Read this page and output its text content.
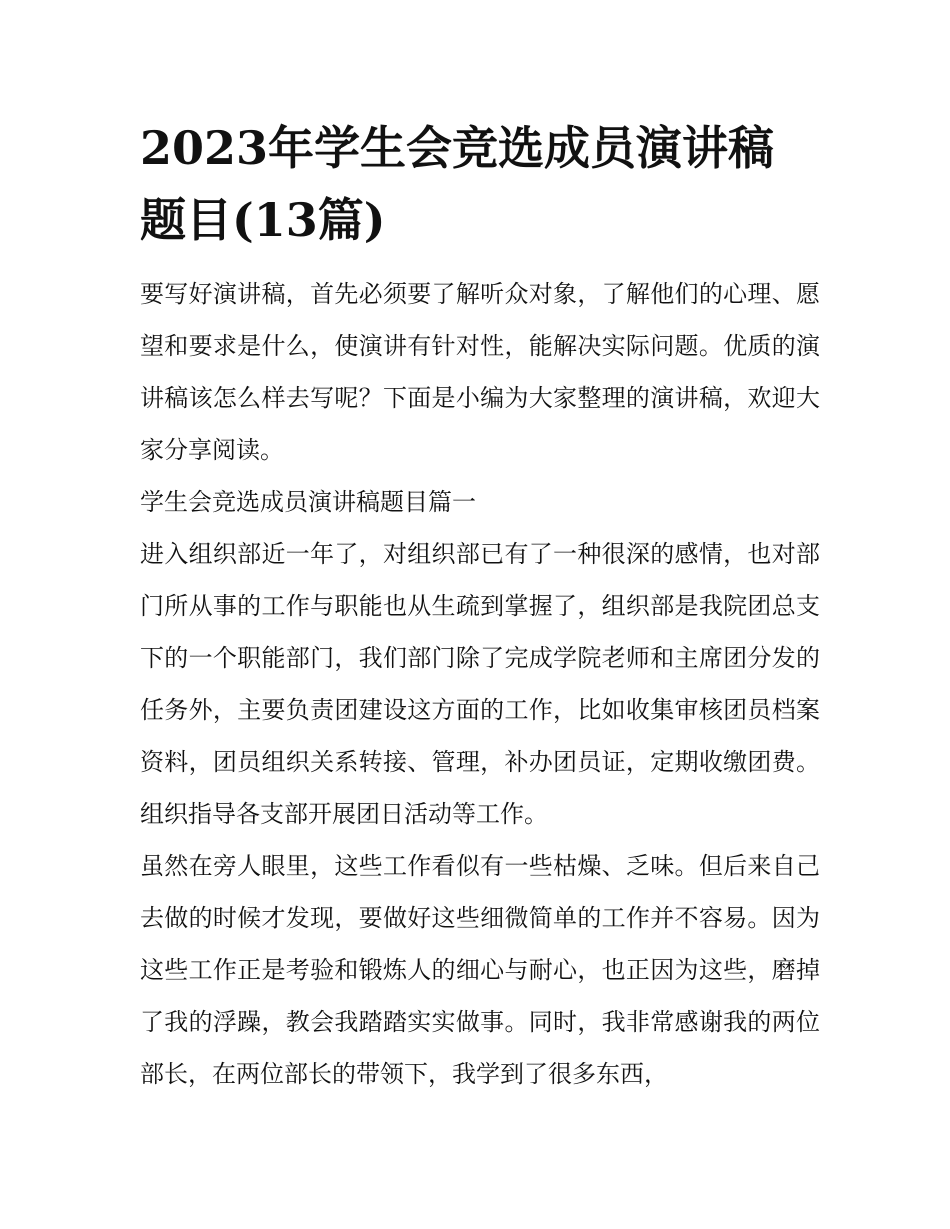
2023年学生会竞选成员演讲稿题目(13篇)

要写好演讲稿，首先必须要了解听众对象，了解他们的心理、愿望和要求是什么，使演讲有针对性，能解决实际问题。优质的演讲稿该怎么样去写呢？下面是小编为大家整理的演讲稿，欢迎大家分享阅读。

学生会竞选成员演讲稿题目篇一

进入组织部近一年了，对组织部已有了一种很深的感情，也对部门所从事的工作与职能也从生疏到掌握了，组织部是我院团总支下的一个职能部门，我们部门除了完成学院老师和主席团分发的任务外，主要负责团建设这方面的工作，比如收集审核团员档案资料，团员组织关系转接、管理，补办团员证，定期收缴团费。组织指导各支部开展团日活动等工作。

虽然在旁人眼里，这些工作看似有一些枯燥、乏味。但后来自己去做的时候才发现，要做好这些细微简单的工作并不容易。因为这些工作正是考验和锻炼人的细心与耐心，也正因为这些，磨掉了我的浮躁，教会我踏踏实实做事。同时，我非常感谢我的两位部长，在两位部长的带领下，我学到了很多东西，
